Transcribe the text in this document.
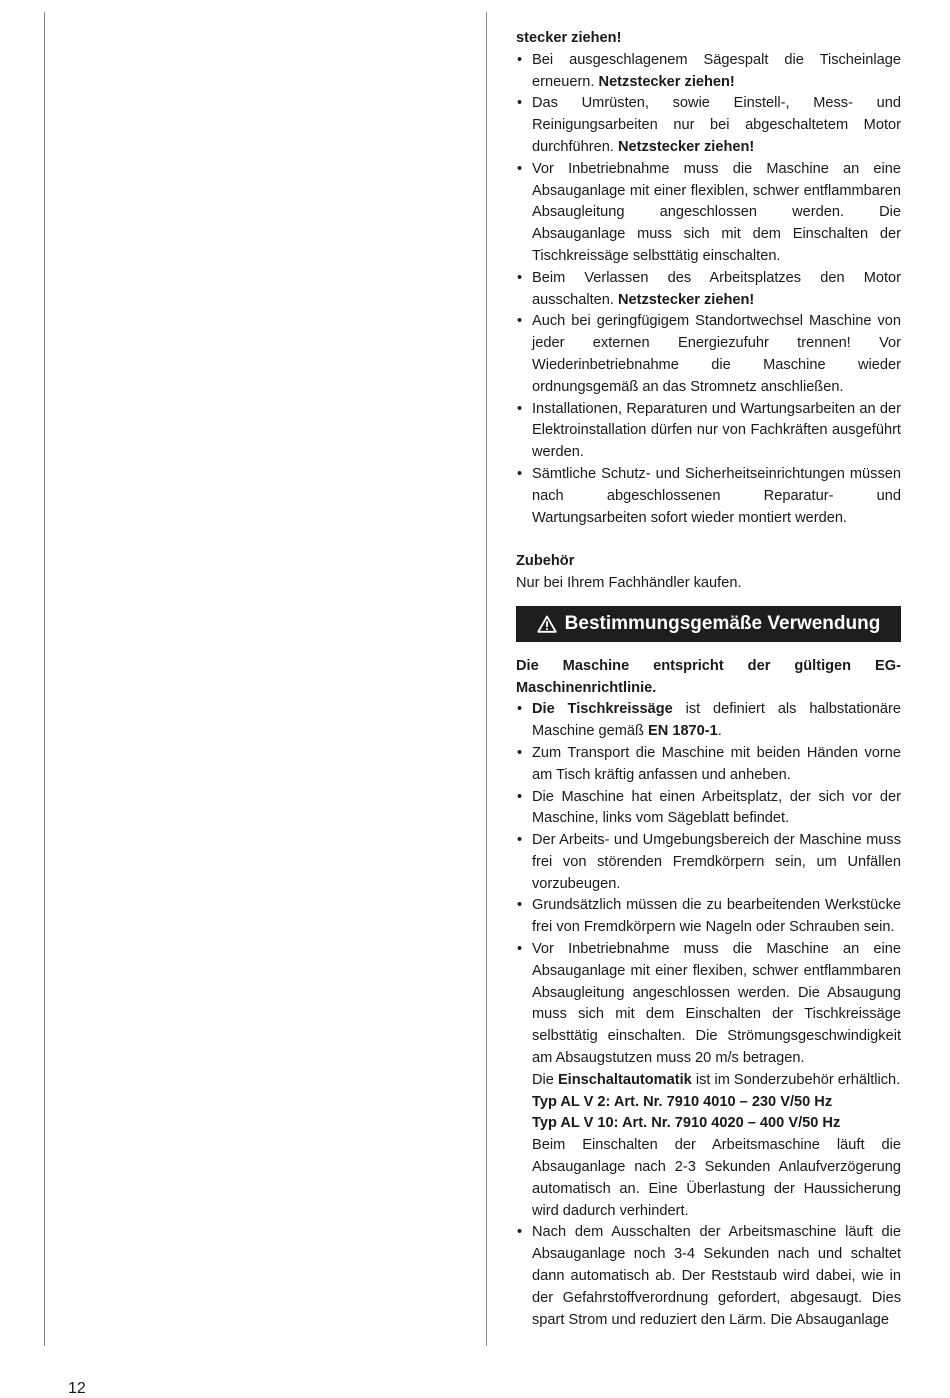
stecker ziehen!

• Bei ausgeschlagenem Sägespalt die Tischeinlage erneuern. Netzstecker ziehen!
• Das Umrüsten, sowie Einstell-, Mess- und Reinigungsarbeiten nur bei abgeschaltetem Motor durchführen. Netzstecker ziehen!
• Vor Inbetriebnahme muss die Maschine an eine Absauganlage mit einer flexiblen, schwer entflammbaren Absaugleitung angeschlossen werden. Die Absauganlage muss sich mit dem Einschalten der Tischkreissäge selbsttätig einschalten.
• Beim Verlassen des Arbeitsplatzes den Motor ausschalten. Netzstecker ziehen!
• Auch bei geringfügigem Standortwechsel Maschine von jeder externen Energiezufuhr trennen! Vor Wiederinbetriebnahme die Maschine wieder ordnungsgemäß an das Stromnetz anschließen.
• Installationen, Reparaturen und Wartungsarbeiten an der Elektroinstallation dürfen nur von Fachkräften ausgeführt werden.
• Sämtliche Schutz- und Sicherheitseinrichtungen müssen nach abgeschlossenen Reparatur- und Wartungsarbeiten sofort wieder montiert werden.

Zubehör

Nur bei Ihrem Fachhändler kaufen.

Bestimmungsgemäße Verwendung

Die Maschine entspricht der gültigen EG-Maschinenrichtlinie.

• Die Tischkreissäge ist definiert als halbstationäre Maschine gemäß EN 1870-1.
• Zum Transport die Maschine mit beiden Händen vorne am Tisch kräftig anfassen und anheben.
• Die Maschine hat einen Arbeitsplatz, der sich vor der Maschine, links vom Sägeblatt befindet.
• Der Arbeits- und Umgebungsbereich der Maschine muss frei von störenden Fremdkörpern sein, um Unfällen vorzubeugen.
• Grundsätzlich müssen die zu bearbeitenden Werkstücke frei von Fremdkörpern wie Nageln oder Schrauben sein.
• Vor Inbetriebnahme muss die Maschine an eine Absauganlage mit einer flexiben, schwer entflammbaren Absaugleitung angeschlossen werden. Die Absaugung muss sich mit dem Einschalten der Tischkreissäge selbsttätig einschalten. Die Strömungsgeschwindigkeit am Absaugstutzen muss 20 m/s betragen.

Die Einschaltautomatik ist im Sonderzubehör erhältlich.

Typ AL V 2: Art. Nr. 7910 4010 – 230 V/50 Hz

Typ AL V 10: Art. Nr. 7910 4020 – 400 V/50 Hz

Beim Einschalten der Arbeitsmaschine läuft die Absauganlage nach 2-3 Sekunden Anlaufverzögerung automatisch an. Eine Überlastung der Haussicherung wird dadurch verhindert.

• Nach dem Ausschalten der Arbeitsmaschine läuft die Absauganlage noch 3-4 Sekunden nach und schaltet dann automatisch ab. Der Reststaub wird dabei, wie in der Gefahrstoffverordnung gefordert, abgesaugt. Dies spart Strom und reduziert den Lärm. Die Absauganlage
12
